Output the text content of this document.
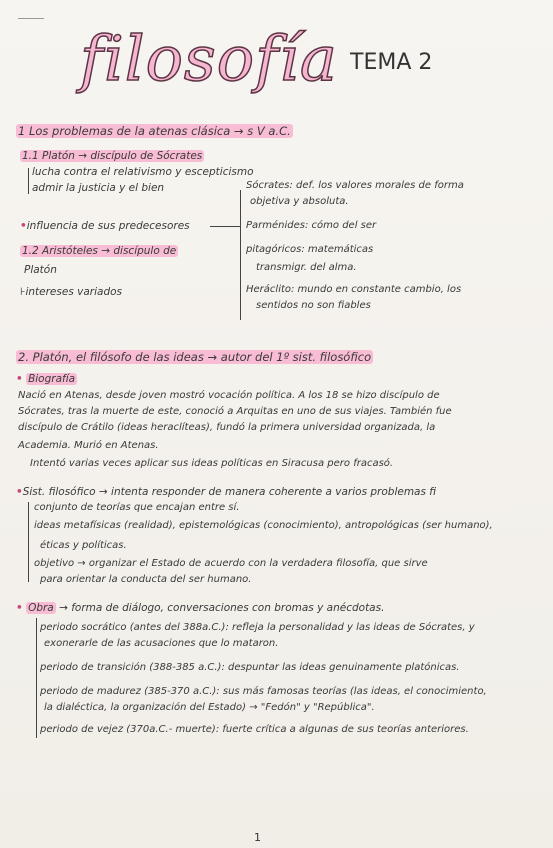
filosofía TEMA 2
1 Los problemas de la atenas clásica → s V a.C.
1.1 Platón → discípulo de Sócrates
lucha contra el relativismo y escepticismo
admir la justicia y el bien
•influencia de sus predecesores
1.2 Aristóteles → discípulo de
Platón
⊦intereses variados
Sócrates: def. los valores morales de forma
objetiva y absoluta.
Parménides: cómo del ser
pitagóricos: matemáticas
transmigr. del alma.
Heráclito: mundo en constante cambio, los
sentidos no son fiables
2. Platón, el filósofo de las ideas → autor del 1º sist. filosófico
• Biografía
Nació en Atenas, desde joven mostró vocación política. A los 18 se hizo discípulo de
Sócrates, tras la muerte de este, conoció a Arquitas en uno de sus viajes. También fue
discípulo de Crátilo (ideas heraclíteas), fundó la primera universidad organizada, la
Academia. Murió en Atenas.
Intentó varias veces aplicar sus ideas políticas en Siracusa pero fracasó.
•Sist. filosófico → intenta responder de manera coherente a varios problemas fi
conjunto de teorías que encajan entre sí.
ideas metafísicas (realidad), epistemológicas (conocimiento), antropológicas (ser humano),
éticas y políticas.
objetivo → organizar el Estado de acuerdo con la verdadera filosofía, que sirve
para orientar la conducta del ser humano.
• Obra → forma de diálogo, conversaciones con bromas y anécdotas.
periodo socrático (antes del 388a.C.): refleja la personalidad y las ideas de Sócrates, y
exonerarle de las acusaciones que lo mataron.
periodo de transición (388-385 a.C.): despuntar las ideas genuinamente platónicas.
periodo de madurez (385-370 a.C.): sus más famosas teorías (las ideas, el conocimiento,
la dialéctica, la organización del Estado) → "Fedón" y "República".
periodo de vejez (370a.C.- muerte): fuerte crítica a algunas de sus teorías anteriores.
1
